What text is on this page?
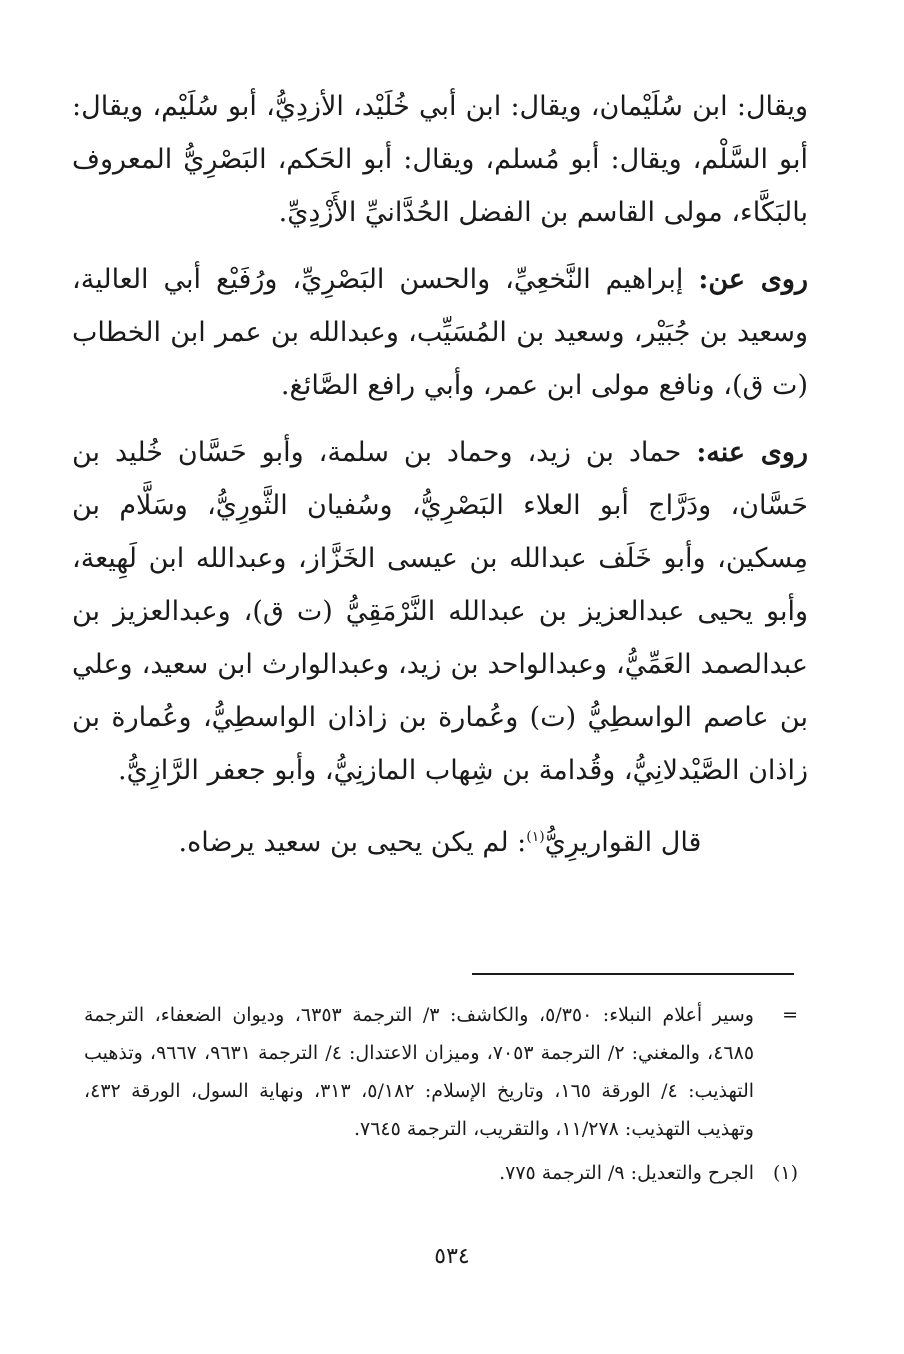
ويقال: ابن سُلَيْمان، ويقال: ابن أبي خُلَيْد، الأزدِيُّ، أبو سُلَيْم، ويقال: أبو السَّلْم، ويقال: أبو مُسلم، ويقال: أبو الحَكم، البَصْرِيُّ المعروف بالبَكَّاء، مولى القاسم بن الفضل الحُدَّانيِّ الأَزْدِيِّ.

روى عن: إبراهيم النَّخعِيِّ، والحسن البَصْرِيِّ، ورُفَيْع أبي العالية، وسعيد بن جُبَيْر، وسعيد بن المُسَيِّب، وعبدالله بن عمر ابن الخطاب (ت ق)، ونافع مولى ابن عمر، وأبي رافع الصَّائغ.

روى عنه: حماد بن زيد، وحماد بن سلمة، وأبو حَسَّان خُليد بن حَسَّان، ودَرَّاج أبو العلاء البَصْرِيُّ، وسُفيان الثَّورِيُّ، وسَلَّام بن مِسكين، وأبو خَلَف عبدالله بن عيسى الخَزَّاز، وعبدالله ابن لَهِيعة، وأبو يحيى عبدالعزيز بن عبدالله النَّرْمَقِيُّ (ت ق)، وعبدالعزيز بن عبدالصمد العَمِّيُّ، وعبدالواحد بن زيد، وعبدالوارث ابن سعيد، وعلي بن عاصم الواسطِيُّ (ت) وعُمارة بن زاذان الواسطِيُّ، وعُمارة بن زاذان الصَّيْدلانِيُّ، وقُدامة بن شِهاب المازنِيُّ، وأبو جعفر الرَّازِيُّ.

قال القواريرِيُّ$^{(١)}$: لم يكن يحيى بن سعيد يرضاه.

=
وسير أعلام النبلاء: ٥/٣٥٠، والكاشف: ٣/ الترجمة ٦٣٥٣، وديوان الضعفاء، الترجمة ٤٦٨٥، والمغني: ٢/ الترجمة ٧٠٥٣، وميزان الاعتدال: ٤/ الترجمة ٩٦٣١، ٩٦٦٧، وتذهيب التهذيب: ٤/ الورقة ١٦٥، وتاريخ الإسلام: ٥/١٨٢، ٣١٣، ونهاية السول، الورقة ٤٣٢، وتهذيب التهذيب: ١١/٢٧٨، والتقريب، الترجمة ٧٦٤٥.

(١)
الجرح والتعديل: ٩/ الترجمة ٧٧٥.

٥٣٤
